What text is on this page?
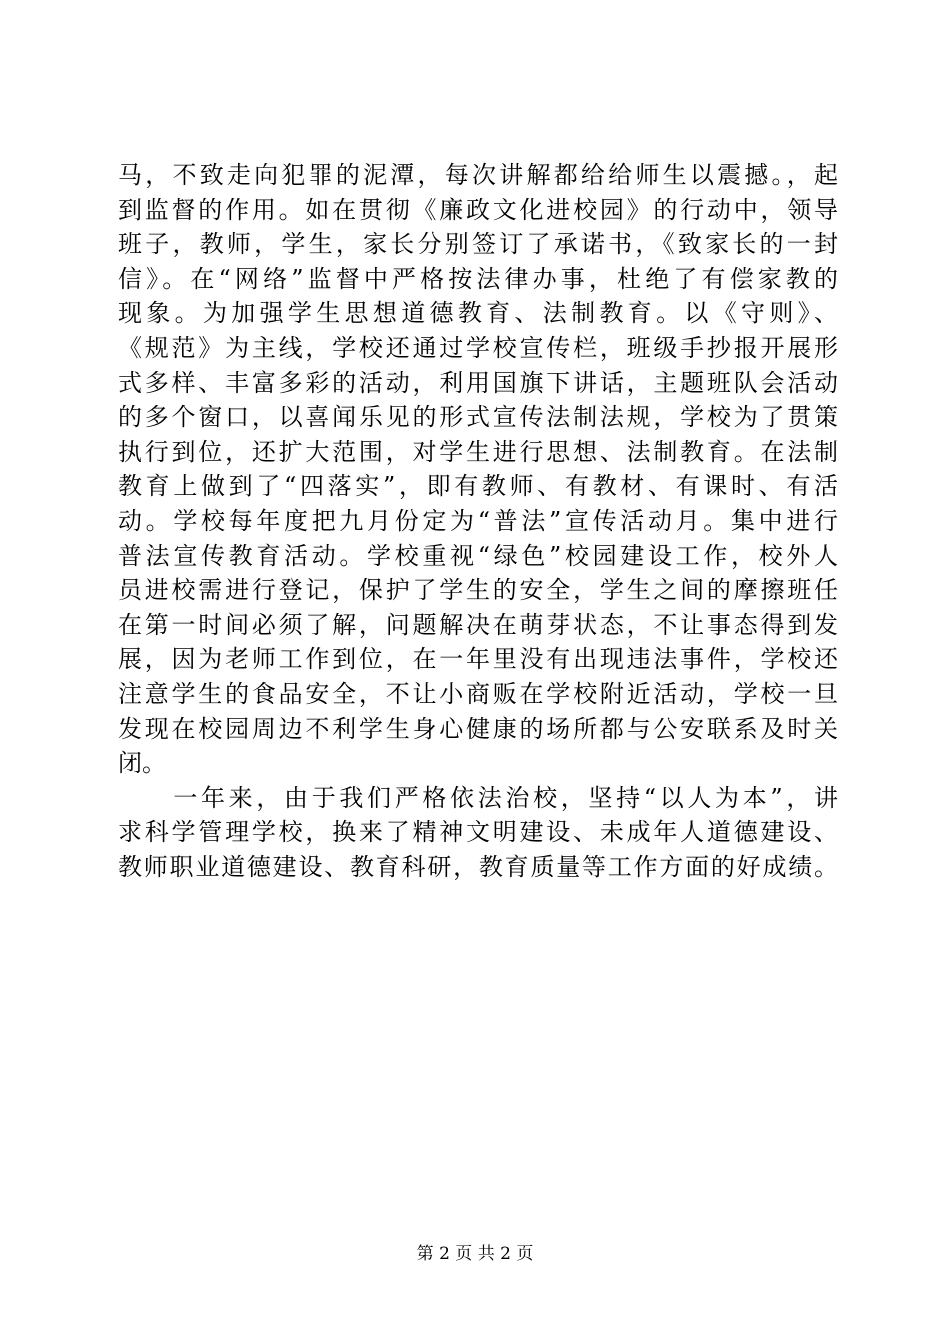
马，不致走向犯罪的泥潭，每次讲解都给给师生以震撼。，起
到监督的作用。如在贯彻《廉政文化进校园》的行动中，领导
班子，教师，学生，家长分别签订了承诺书，《致家长的一封
信》。在“网络”监督中严格按法律办事，杜绝了有偿家教的
现象。为加强学生思想道德教育、法制教育。以《守则》、
《规范》为主线，学校还通过学校宣传栏，班级手抄报开展形
式多样、丰富多彩的活动，利用国旗下讲话，主题班队会活动
的多个窗口，以喜闻乐见的形式宣传法制法规，学校为了贯策
执行到位，还扩大范围，对学生进行思想、法制教育。在法制
教育上做到了“四落实”，即有教师、有教材、有课时、有活
动。学校每年度把九月份定为“普法”宣传活动月。集中进行
普法宣传教育活动。学校重视“绿色”校园建设工作，校外人
员进校需进行登记，保护了学生的安全，学生之间的摩擦班任
在第一时间必须了解，问题解决在萌芽状态，不让事态得到发
展，因为老师工作到位，在一年里没有出现违法事件，学校还
注意学生的食品安全，不让小商贩在学校附近活动，学校一旦
发现在校园周边不利学生身心健康的场所都与公安联系及时关
闭。
　　一年来，由于我们严格依法治校，坚持“以人为本”，讲
求科学管理学校，换来了精神文明建设、未成年人道德建设、
教师职业道德建设、教育科研，教育质量等工作方面的好成绩。
第 2 页 共 2 页
